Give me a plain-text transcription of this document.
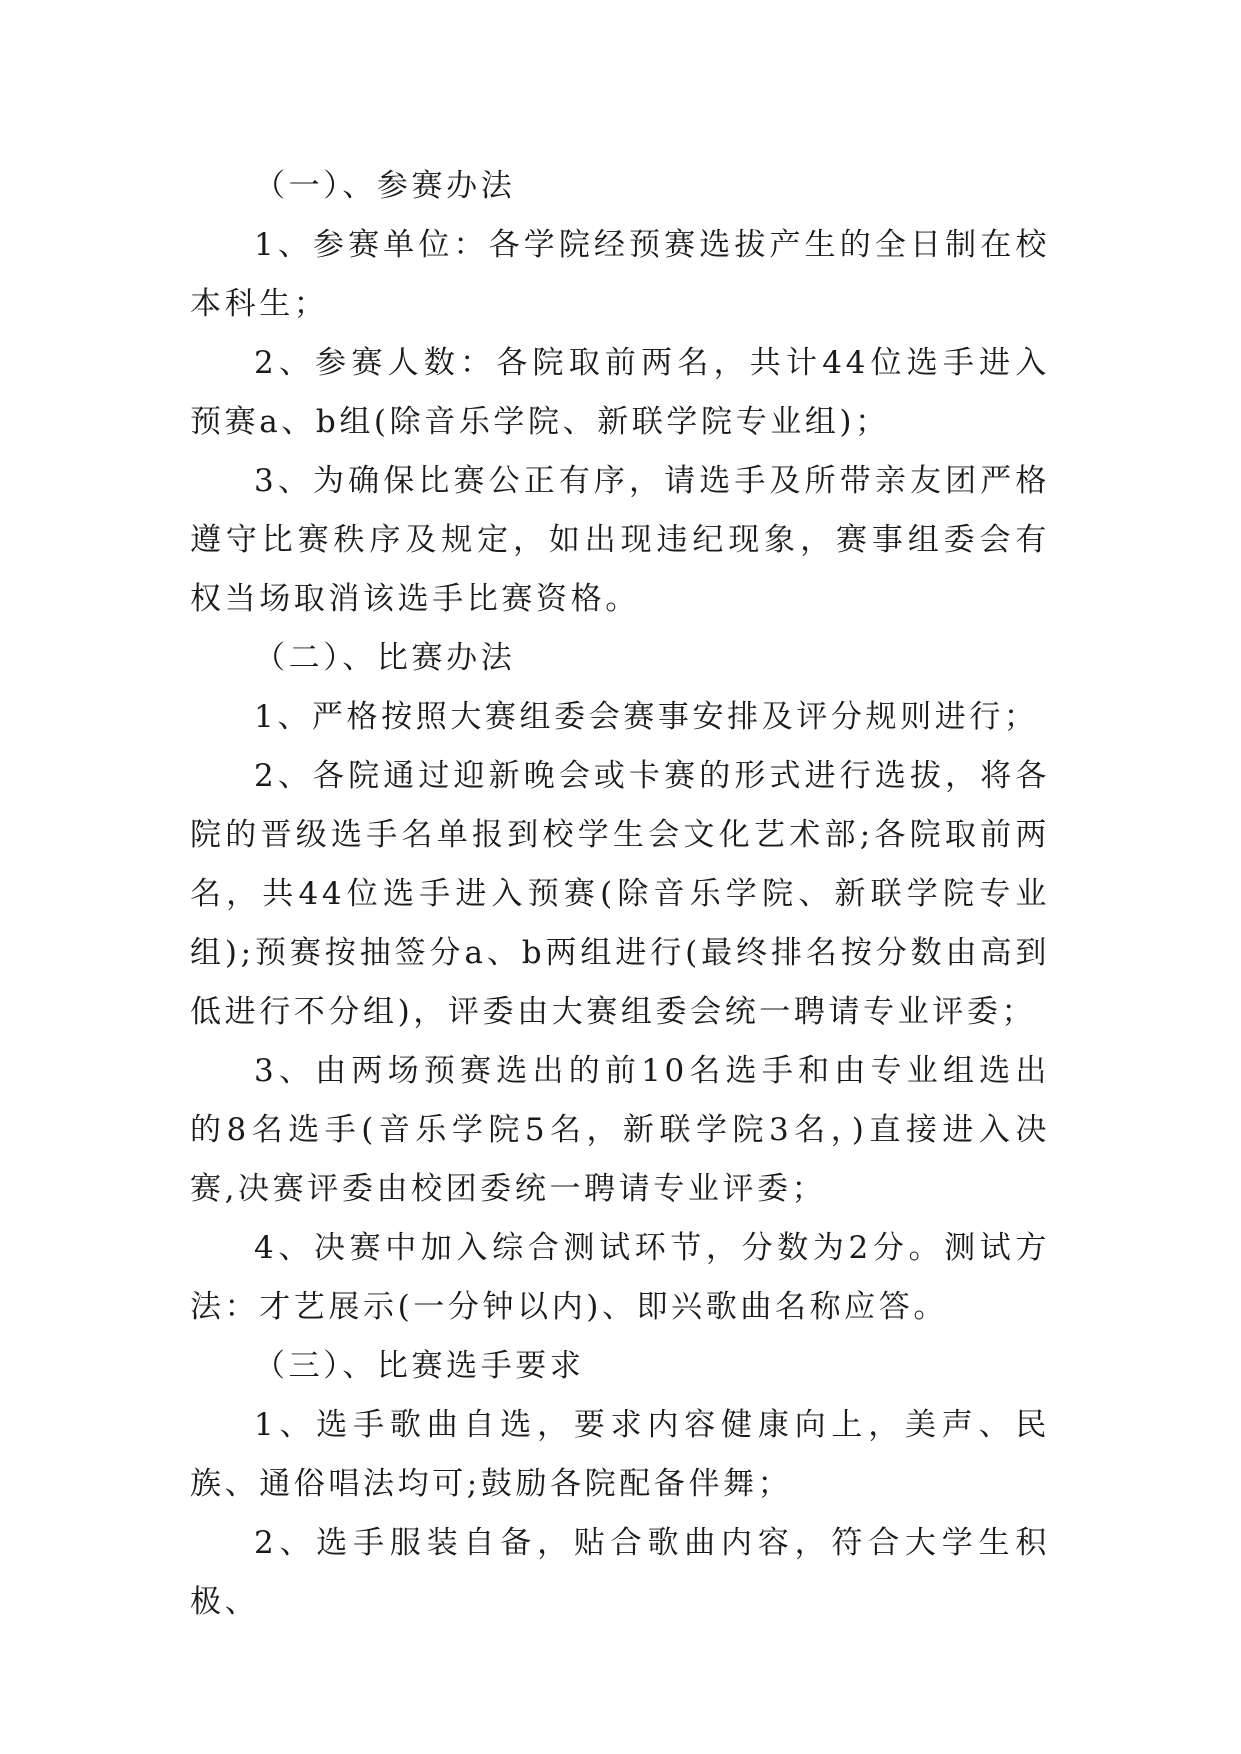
（一）、参赛办法

1、参赛单位：各学院经预赛选拔产生的全日制在校本科生；

2、参赛人数：各院取前两名，共计44位选手进入预赛a、b组(除音乐学院、新联学院专业组)；

3、为确保比赛公正有序，请选手及所带亲友团严格遵守比赛秩序及规定，如出现违纪现象，赛事组委会有权当场取消该选手比赛资格。

（二）、比赛办法

1、严格按照大赛组委会赛事安排及评分规则进行；

2、各院通过迎新晚会或卡赛的形式进行选拔，将各院的晋级选手名单报到校学生会文化艺术部;各院取前两名，共44位选手进入预赛(除音乐学院、新联学院专业组);预赛按抽签分a、b两组进行(最终排名按分数由高到低进行不分组)，评委由大赛组委会统一聘请专业评委；

3、由两场预赛选出的前10名选手和由专业组选出的8名选手(音乐学院5名，新联学院3名，)直接进入决赛,决赛评委由校团委统一聘请专业评委；

4、决赛中加入综合测试环节，分数为2分。测试方法：才艺展示(一分钟以内)、即兴歌曲名称应答。

（三）、比赛选手要求

1、选手歌曲自选，要求内容健康向上，美声、民族、通俗唱法均可;鼓励各院配备伴舞；

2、选手服装自备，贴合歌曲内容，符合大学生积极、
